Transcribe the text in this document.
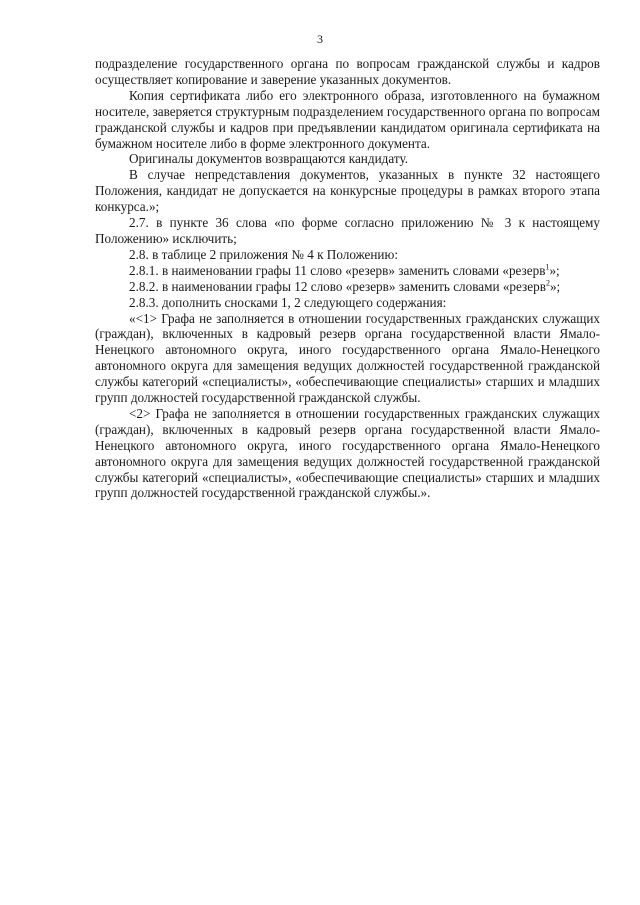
3

подразделение государственного органа по вопросам гражданской службы и кадров осуществляет копирование и заверение указанных документов.

Копия сертификата либо его электронного образа, изготовленного на бумажном носителе, заверяется структурным подразделением государственного органа по вопросам гражданской службы и кадров при предъявлении кандидатом оригинала сертификата на бумажном носителе либо в форме электронного документа.

Оригиналы документов возвращаются кандидату.

В случае непредставления документов, указанных в пункте 32 настоящего Положения, кандидат не допускается на конкурсные процедуры в рамках второго этапа конкурса.»;

2.7. в пункте 36 слова «по форме согласно приложению № 3 к настоящему Положению» исключить;

2.8. в таблице 2 приложения № 4 к Положению:

2.8.1. в наименовании графы 11 слово «резерв» заменить словами «резерв$^1$»;

2.8.2. в наименовании графы 12 слово «резерв» заменить словами «резерв$^2$»;

2.8.3. дополнить сносками 1, 2 следующего содержания:

«<1> Графа не заполняется в отношении государственных гражданских служащих (граждан), включенных в кадровый резерв органа государственной власти Ямало-Ненецкого автономного округа, иного государственного органа Ямало-Ненецкого автономного округа для замещения ведущих должностей государственной гражданской службы категорий «специалисты», «обеспечивающие специалисты» старших и младших групп должностей государственной гражданской службы.

<2> Графа не заполняется в отношении государственных гражданских служащих (граждан), включенных в кадровый резерв органа государственной власти Ямало-Ненецкого автономного округа, иного государственного органа Ямало-Ненецкого автономного округа для замещения ведущих должностей государственной гражданской службы категорий «специалисты», «обеспечивающие специалисты» старших и младших групп должностей государственной гражданской службы.».
